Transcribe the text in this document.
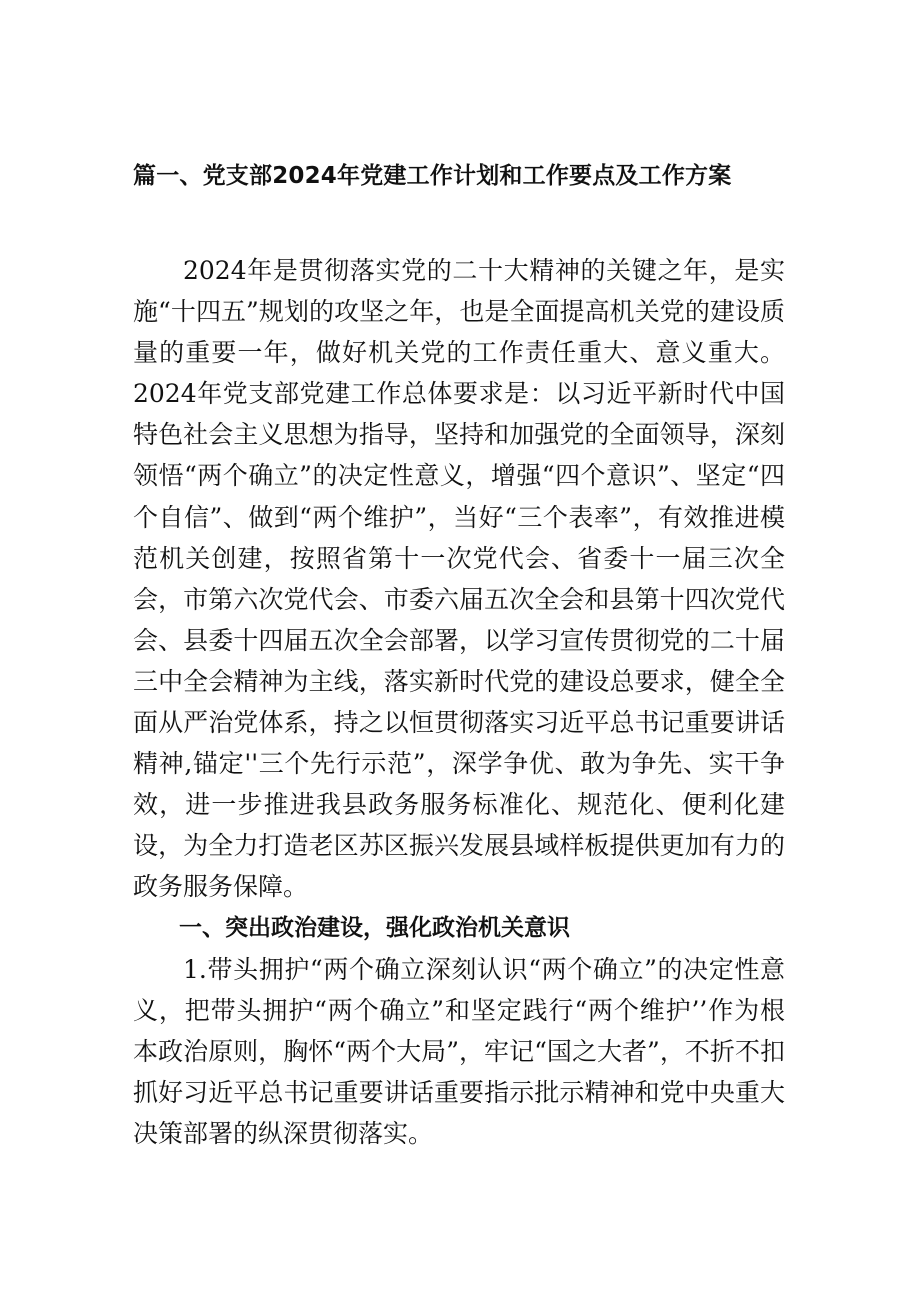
篇一、党支部2024年党建工作计划和工作要点及工作方案

2024年是贯彻落实党的二十大精神的关键之年，是实施“十四五”规划的攻坚之年，也是全面提高机关党的建设质量的重要一年，做好机关党的工作责任重大、意义重大。2024年党支部党建工作总体要求是：以习近平新时代中国特色社会主义思想为指导，坚持和加强党的全面领导，深刻领悟“两个确立”的决定性意义，增强“四个意识”、坚定“四个自信”、做到“两个维护”，当好“三个表率”，有效推进模范机关创建，按照省第十一次党代会、省委十一届三次全会，市第六次党代会、市委六届五次全会和县第十四次党代会、县委十四届五次全会部署，以学习宣传贯彻党的二十届三中全会精神为主线，落实新时代党的建设总要求，健全全面从严治党体系，持之以恒贯彻落实习近平总书记重要讲话精神,锚定''三个先行示范”，深学争优、敢为争先、实干争效，进一步推进我县政务服务标准化、规范化、便利化建设，为全力打造老区苏区振兴发展县域样板提供更加有力的政务服务保障。

一、突出政治建设，强化政治机关意识

1.带头拥护“两个确立深刻认识“两个确立”的决定性意义，把带头拥护“两个确立”和坚定践行“两个维护’’作为根本政治原则，胸怀“两个大局”，牢记“国之大者”，不折不扣抓好习近平总书记重要讲话重要指示批示精神和党中央重大决策部署的纵深贯彻落实。
